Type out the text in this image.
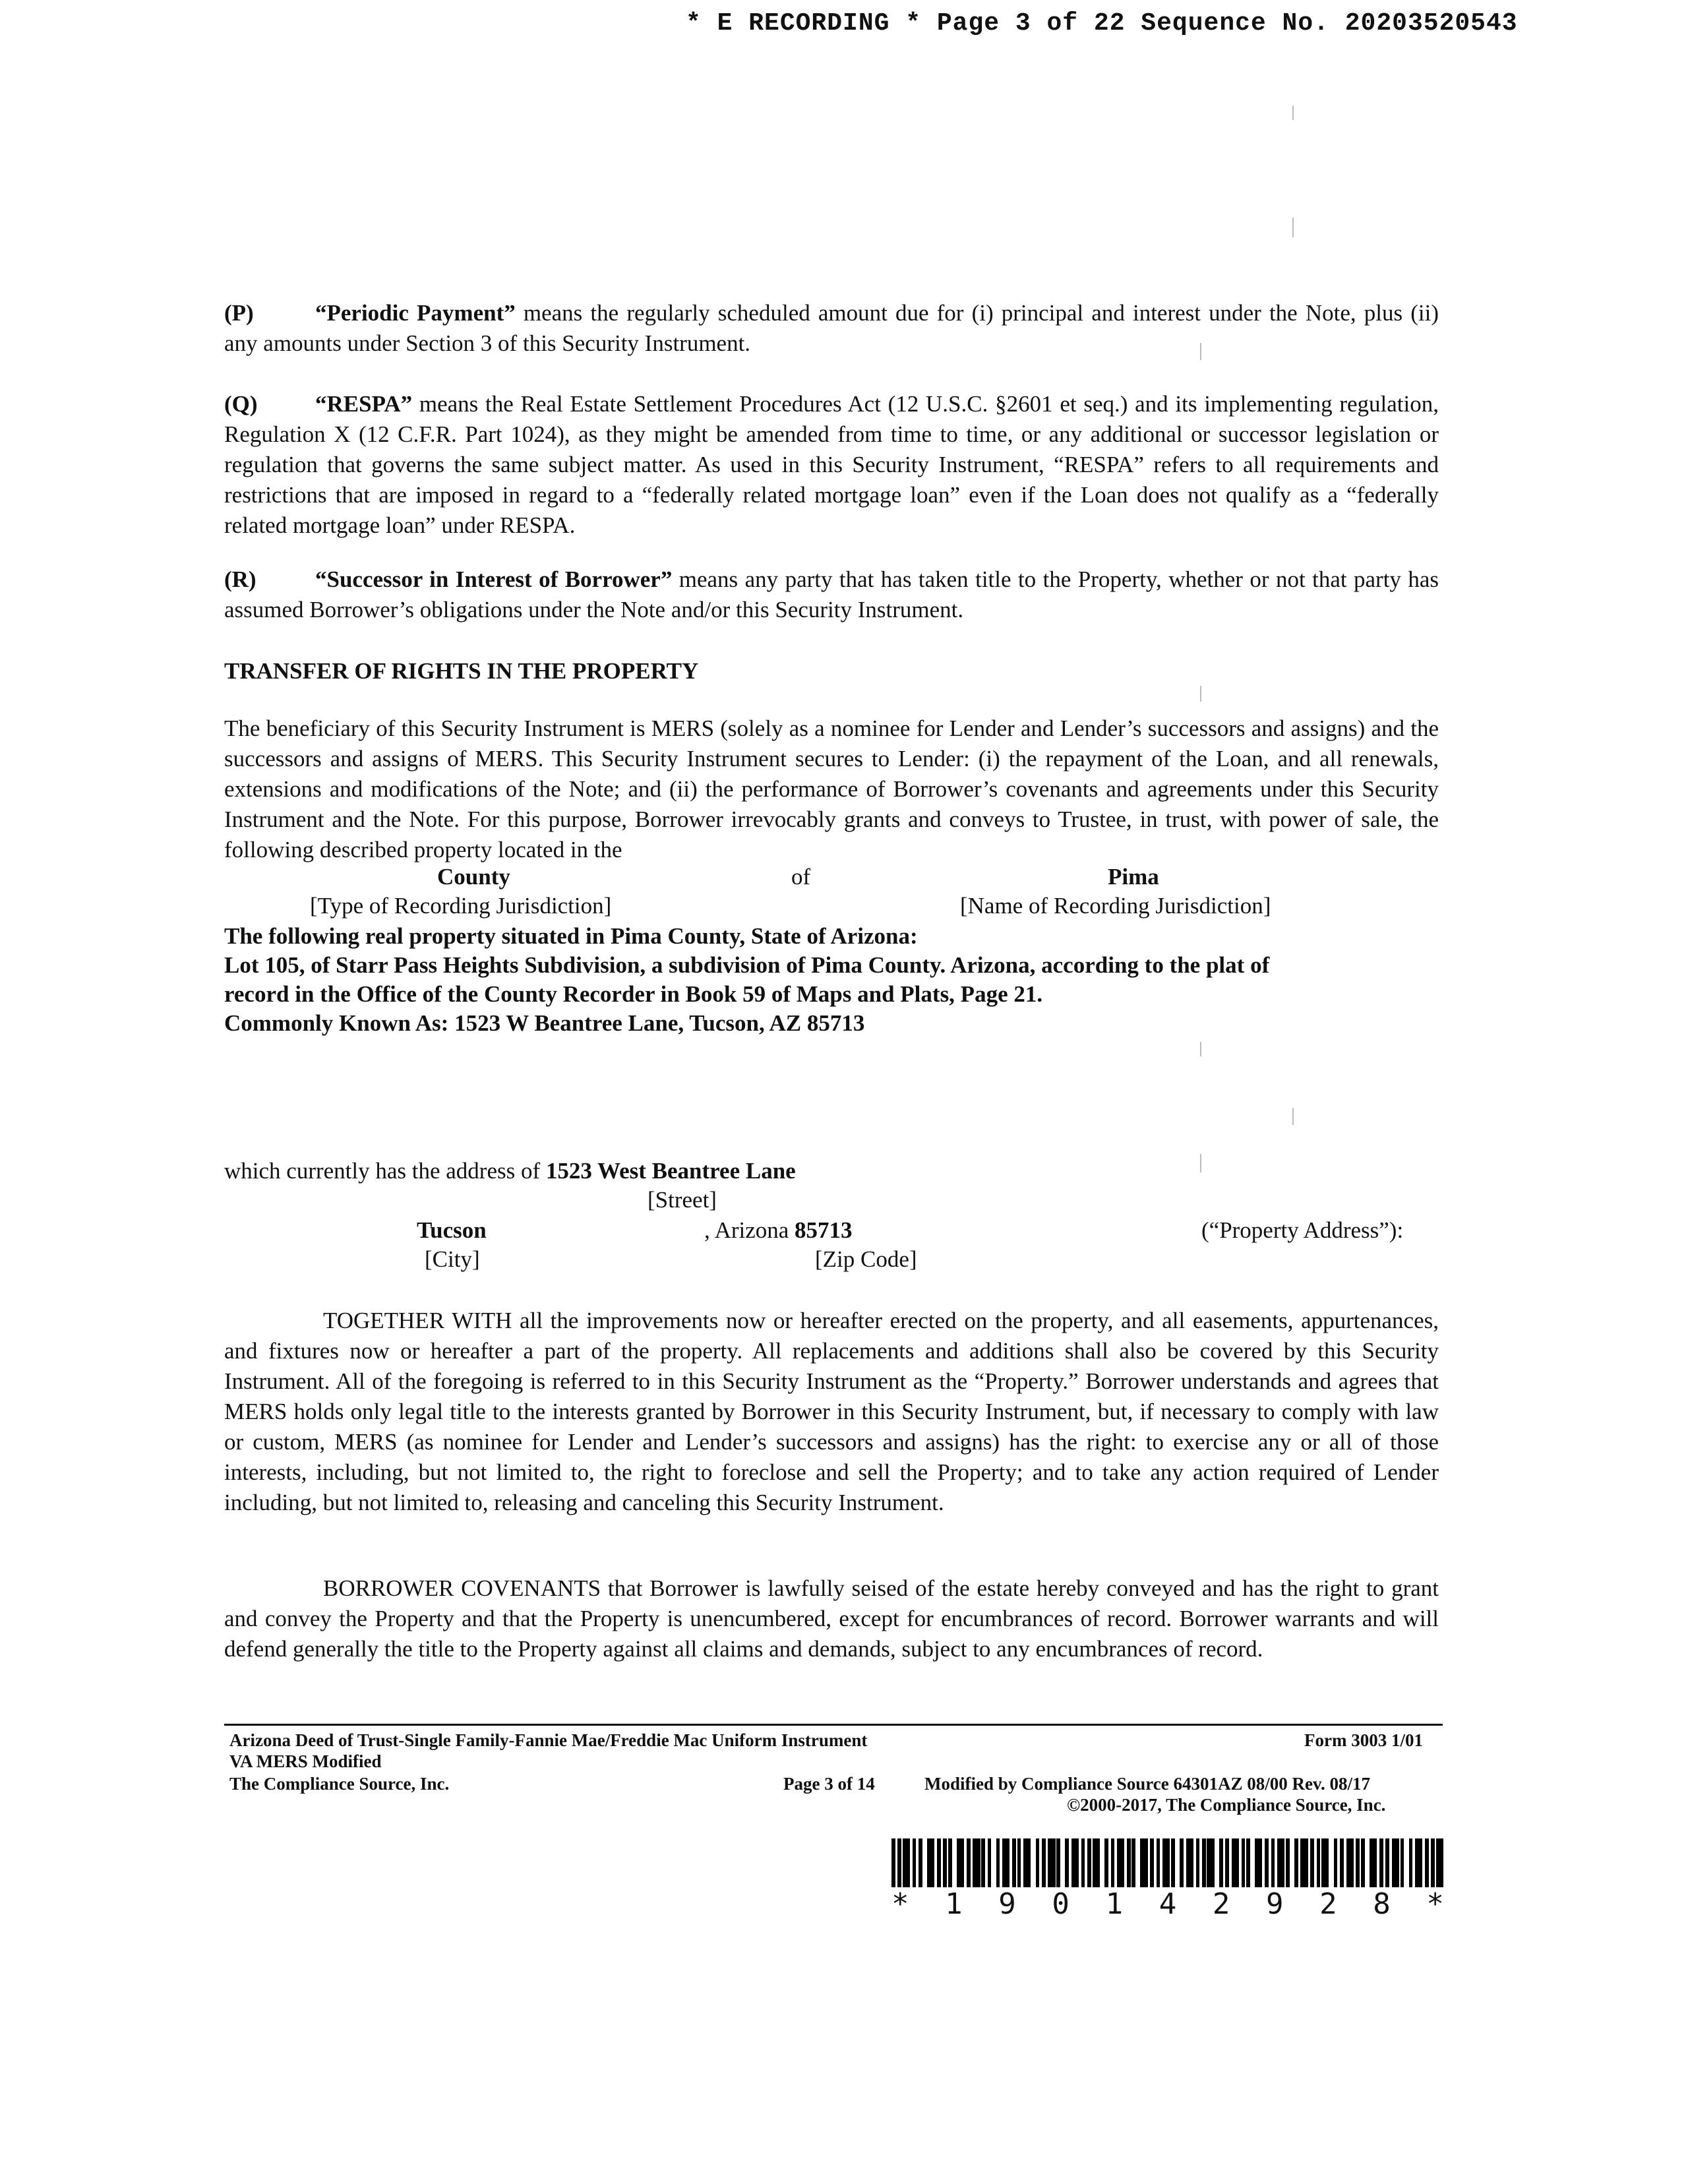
* E RECORDING * Page 3 of 22 Sequence No. 20203520543
(P)	“Periodic Payment” means the regularly scheduled amount due for (i) principal and interest under the Note, plus (ii) any amounts under Section 3 of this Security Instrument.
(Q) “RESPA” means the Real Estate Settlement Procedures Act (12 U.S.C. §2601 et seq.) and its implementing regulation, Regulation X (12 C.F.R. Part 1024), as they might be amended from time to time, or any additional or successor legislation or regulation that governs the same subject matter. As used in this Security Instrument, “RESPA” refers to all requirements and restrictions that are imposed in regard to a “federally related mortgage loan” even if the Loan does not qualify as a “federally related mortgage loan” under RESPA.
(R)	“Successor in Interest of Borrower” means any party that has taken title to the Property, whether or not that party has assumed Borrower’s obligations under the Note and/or this Security Instrument.
TRANSFER OF RIGHTS IN THE PROPERTY
The beneficiary of this Security Instrument is MERS (solely as a nominee for Lender and Lender’s successors and assigns) and the successors and assigns of MERS. This Security Instrument secures to Lender: (i) the repayment of the Loan, and all renewals, extensions and modifications of the Note; and (ii) the performance of Borrower’s covenants and agreements under this Security Instrument and the Note. For this purpose, Borrower irrevocably grants and conveys to Trustee, in trust, with power of sale, the following described property located in the
County	of	Pima
[Type of Recording Jurisdiction]	[Name of Recording Jurisdiction]
The following real property situated in Pima County, State of Arizona:
Lot 105, of Starr Pass Heights Subdivision, a subdivision of Pima County. Arizona, according to the plat of
record in the Office of the County Recorder in Book 59 of Maps and Plats, Page 21.
Commonly Known As: 1523 W Beantree Lane, Tucson, AZ 85713
which currently has the address of 1523 West Beantree Lane
[Street]
Tucson	, Arizona 85713	(“Property Address”):
[City]	[Zip Code]
TOGETHER WITH all the improvements now or hereafter erected on the property, and all easements, appurtenances, and fixtures now or hereafter a part of the property. All replacements and additions shall also be covered by this Security Instrument. All of the foregoing is referred to in this Security Instrument as the “Property.” Borrower understands and agrees that MERS holds only legal title to the interests granted by Borrower in this Security Instrument, but, if necessary to comply with law or custom, MERS (as nominee for Lender and Lender’s successors and assigns) has the right: to exercise any or all of those interests, including, but not limited to, the right to foreclose and sell the Property; and to take any action required of Lender including, but not limited to, releasing and canceling this Security Instrument.
BORROWER COVENANTS that Borrower is lawfully seised of the estate hereby conveyed and has the right to grant and convey the Property and that the Property is unencumbered, except for encumbrances of record. Borrower warrants and will defend generally the title to the Property against all claims and demands, subject to any encumbrances of record.
Arizona Deed of Trust-Single Family-Fannie Mae/Freddie Mac Uniform Instrument	Form 3003 1/01
VA MERS Modified
The Compliance Source, Inc.	Page 3 of 14	Modified by Compliance Source 64301AZ 08/00 Rev. 08/17
©2000-2017, The Compliance Source, Inc.
* 1 9 0 1 4 2 9 2 8 *
